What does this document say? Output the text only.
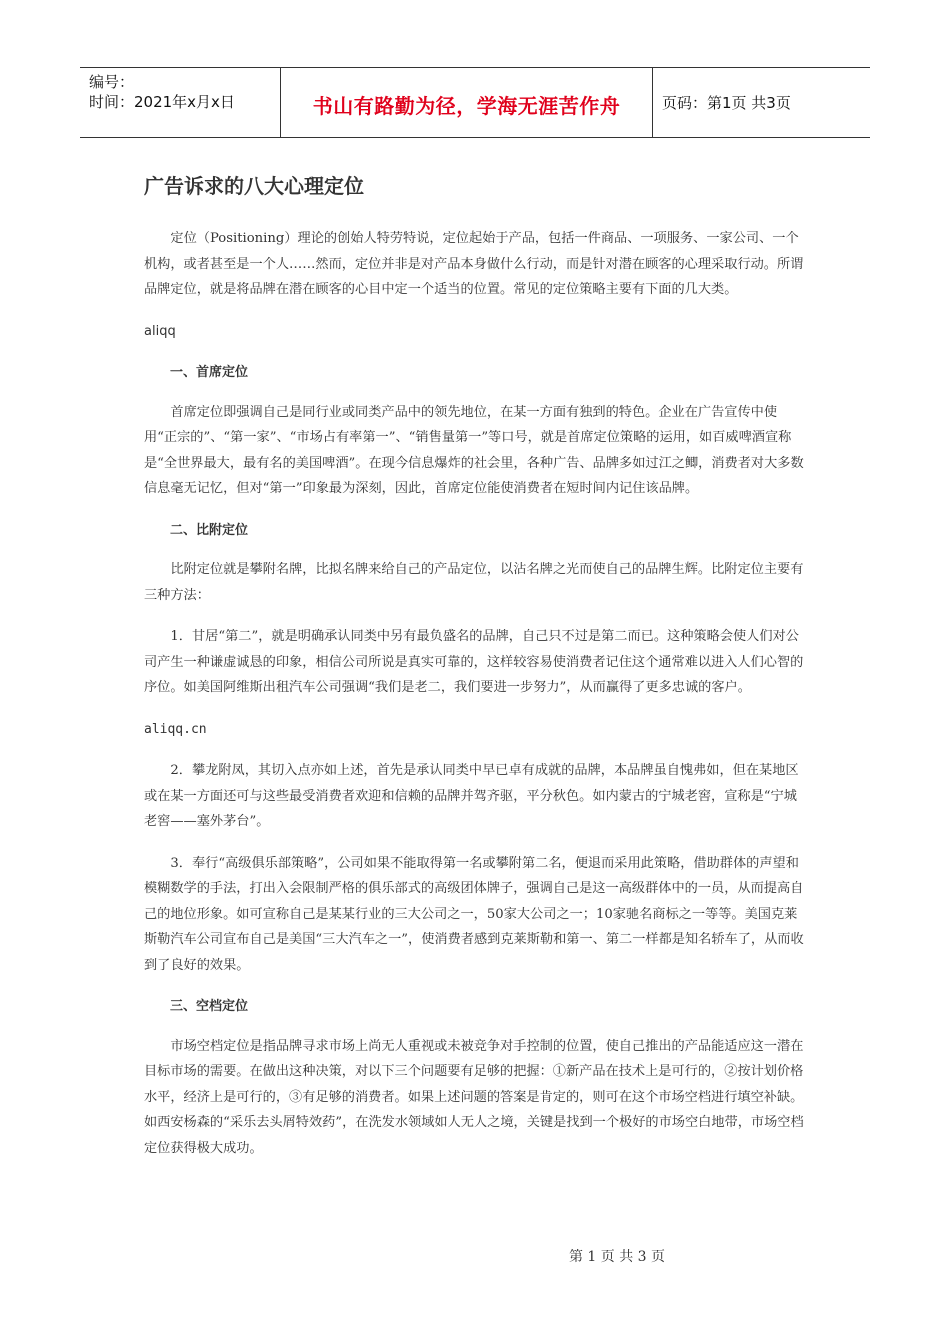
编号：
时间：2021年x月x日	书山有路勤为径，学海无涯苦作舟	页码：第1页 共3页
广告诉求的八大心理定位

定位（Positioning）理论的创始人特劳特说，定位起始于产品，包括一件商品、一项服务、一家公司、一个机构，或者甚至是一个人……然而，定位并非是对产品本身做什么行动，而是针对潜在顾客的心理采取行动。所谓品牌定位，就是将品牌在潜在顾客的心目中定一个适当的位置。常见的定位策略主要有下面的几大类。

aliqq

一、首席定位

首席定位即强调自己是同行业或同类产品中的领先地位，在某一方面有独到的特色。企业在广告宣传中使用“正宗的”、“第一家”、“市场占有率第一”、“销售量第一”等口号，就是首席定位策略的运用，如百威啤酒宣称是“全世界最大，最有名的美国啤酒”。在现今信息爆炸的社会里，各种广告、品牌多如过江之鲫，消费者对大多数信息毫无记忆，但对“第一”印象最为深刻，因此，首席定位能使消费者在短时间内记住该品牌。

二、比附定位

比附定位就是攀附名牌，比拟名牌来给自己的产品定位，以沾名牌之光而使自己的品牌生辉。比附定位主要有三种方法：

1．甘居“第二”，就是明确承认同类中另有最负盛名的品牌，自己只不过是第二而已。这种策略会使人们对公司产生一种谦虚诚恳的印象，相信公司所说是真实可靠的，这样较容易使消费者记住这个通常难以进入人们心智的序位。如美国阿维斯出租汽车公司强调“我们是老二，我们要进一步努力”，从而赢得了更多忠诚的客户。

aliqq.cn

2．攀龙附凤，其切入点亦如上述，首先是承认同类中早已卓有成就的品牌，本品牌虽自愧弗如，但在某地区或在某一方面还可与这些最受消费者欢迎和信赖的品牌并驾齐驱，平分秋色。如内蒙古的宁城老窖，宣称是“宁城老窖——塞外茅台”。

3．奉行“高级俱乐部策略”，公司如果不能取得第一名或攀附第二名，便退而采用此策略，借助群体的声望和模糊数学的手法，打出入会限制严格的俱乐部式的高级团体牌子，强调自己是这一高级群体中的一员，从而提高自己的地位形象。如可宣称自己是某某行业的三大公司之一，50家大公司之一；10家驰名商标之一等等。美国克莱斯勒汽车公司宣布自己是美国“三大汽车之一”，使消费者感到克莱斯勒和第一、第二一样都是知名轿车了，从而收到了良好的效果。

三、空档定位

市场空档定位是指品牌寻求市场上尚无人重视或未被竞争对手控制的位置，使自己推出的产品能适应这一潜在目标市场的需要。在做出这种决策，对以下三个问题要有足够的把握：①新产品在技术上是可行的，②按计划价格水平，经济上是可行的，③有足够的消费者。如果上述问题的答案是肯定的，则可在这个市场空档进行填空补缺。如西安杨森的“采乐去头屑特效药”，在洗发水领域如人无人之境，关键是找到一个极好的市场空白地带，市场空档定位获得极大成功。

第 1 页 共 3 页
